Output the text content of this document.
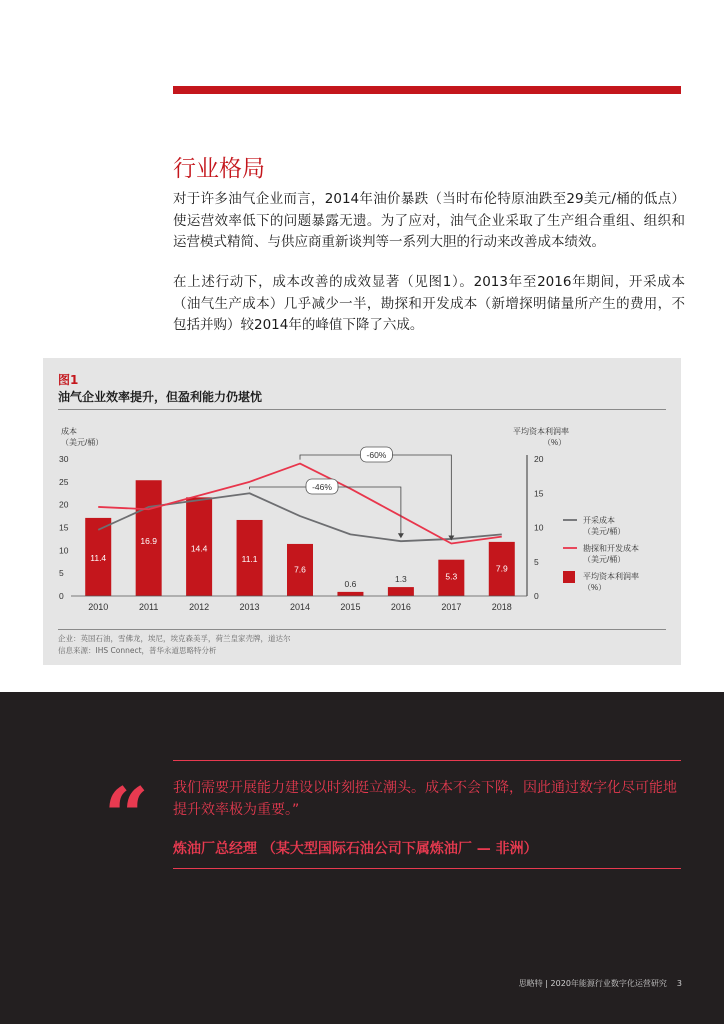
行业格局

对于许多油气企业而言，2014年油价暴跌（当时布伦特原油跌至29美元/桶的低点）使运营效率低下的问题暴露无遗。为了应对，油气企业采取了生产组合重组、组织和运营模式精简、与供应商重新谈判等一系列大胆的行动来改善成本绩效。

在上述行动下，成本改善的成效显著（见图1）。2013年至2016年期间，开采成本（油气生产成本）几乎减少一半，勘探和开发成本（新增探明储量所产生的费用，不包括并购）较2014年的峰值下降了六成。

图1
油气企业效率提升，但盈利能力仍堪忧
成本
（美元/桶）
平均资本利润率
（%）
0
5
10
15
20
25
30
0
5
10
15
20
11.4
16.9
14.4
11.1
7.6
0.6	1.3	5.3
7.9
2010	2011	2012	2013	2014	2015	2016	2017	2018
-60%
-46%
开采成本
（美元/桶）
勘探和开发成本
（美元/桶）
平均资本利润率
（%）
企业：英国石油，雪佛龙，埃尼，埃克森美孚，荷兰皇家壳牌，道达尔
信息来源：IHS Connect，普华永道思略特分析
“ 我们需要开展能力建设以时刻挺立潮头。成本不会下降，因此通过数字化尽可能地提升效率极为重要。”
炼油厂总经理 （某大型国际石油公司下属炼油厂 — 非洲）
思略特 | 2020年能源行业数字化运营研究 3
